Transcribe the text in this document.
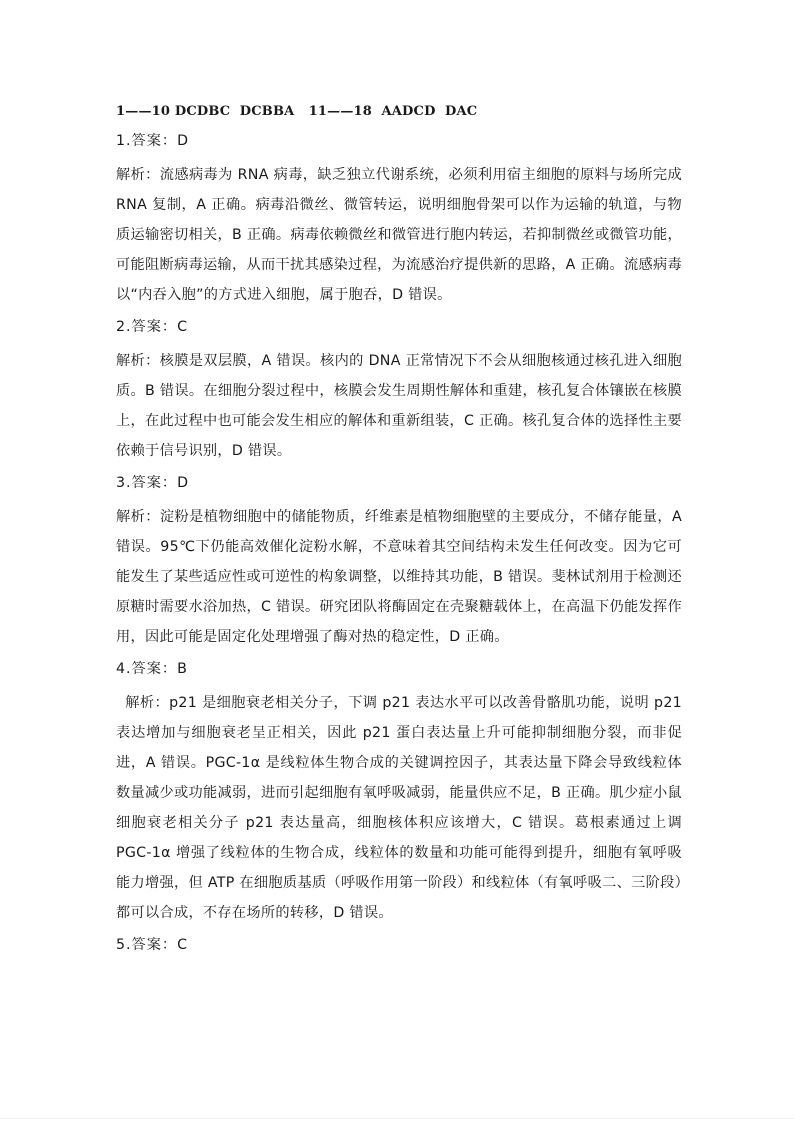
1——10 DCDBC  DCBBA   11——18  AADCD  DAC
1.答案：D
解析：流感病毒为 RNA 病毒，缺乏独立代谢系统，必须利用宿主细胞的原料与场所完成 RNA 复制，A 正确。病毒沿微丝、微管转运，说明细胞骨架可以作为运输的轨道，与物质运输密切相关，B 正确。病毒依赖微丝和微管进行胞内转运，若抑制微丝或微管功能，可能阻断病毒运输，从而干扰其感染过程，为流感治疗提供新的思路，A 正确。流感病毒以“内吞入胞”的方式进入细胞，属于胞吞，D 错误。
2.答案：C
解析：核膜是双层膜，A 错误。核内的 DNA 正常情况下不会从细胞核通过核孔进入细胞质。B 错误。在细胞分裂过程中，核膜会发生周期性解体和重建，核孔复合体镶嵌在核膜上，在此过程中也可能会发生相应的解体和重新组装，C 正确。核孔复合体的选择性主要依赖于信号识别，D 错误。
3.答案：D
解析：淀粉是植物细胞中的储能物质，纤维素是植物细胞壁的主要成分，不储存能量，A 错误。95℃下仍能高效催化淀粉水解，不意味着其空间结构未发生任何改变。因为它可能发生了某些适应性或可逆性的构象调整，以维持其功能，B 错误。斐林试剂用于检测还原糖时需要水浴加热，C 错误。研究团队将酶固定在壳聚糖载体上，在高温下仍能发挥作用，因此可能是固定化处理增强了酶对热的稳定性，D 正确。
4.答案：B
解析：p21 是细胞衰老相关分子，下调 p21 表达水平可以改善骨骼肌功能，说明 p21 表达增加与细胞衰老呈正相关，因此 p21 蛋白表达量上升可能抑制细胞分裂，而非促进，A 错误。PGC-1α 是线粒体生物合成的关键调控因子，其表达量下降会导致线粒体数量减少或功能减弱，进而引起细胞有氧呼吸减弱，能量供应不足，B 正确。肌少症小鼠细胞衰老相关分子 p21 表达量高，细胞核体积应该增大，C 错误。葛根素通过上调 PGC-1α 增强了线粒体的生物合成，线粒体的数量和功能可能得到提升，细胞有氧呼吸能力增强，但 ATP 在细胞质基质（呼吸作用第一阶段）和线粒体（有氧呼吸二、三阶段）都可以合成，不存在场所的转移，D 错误。
5.答案：C
